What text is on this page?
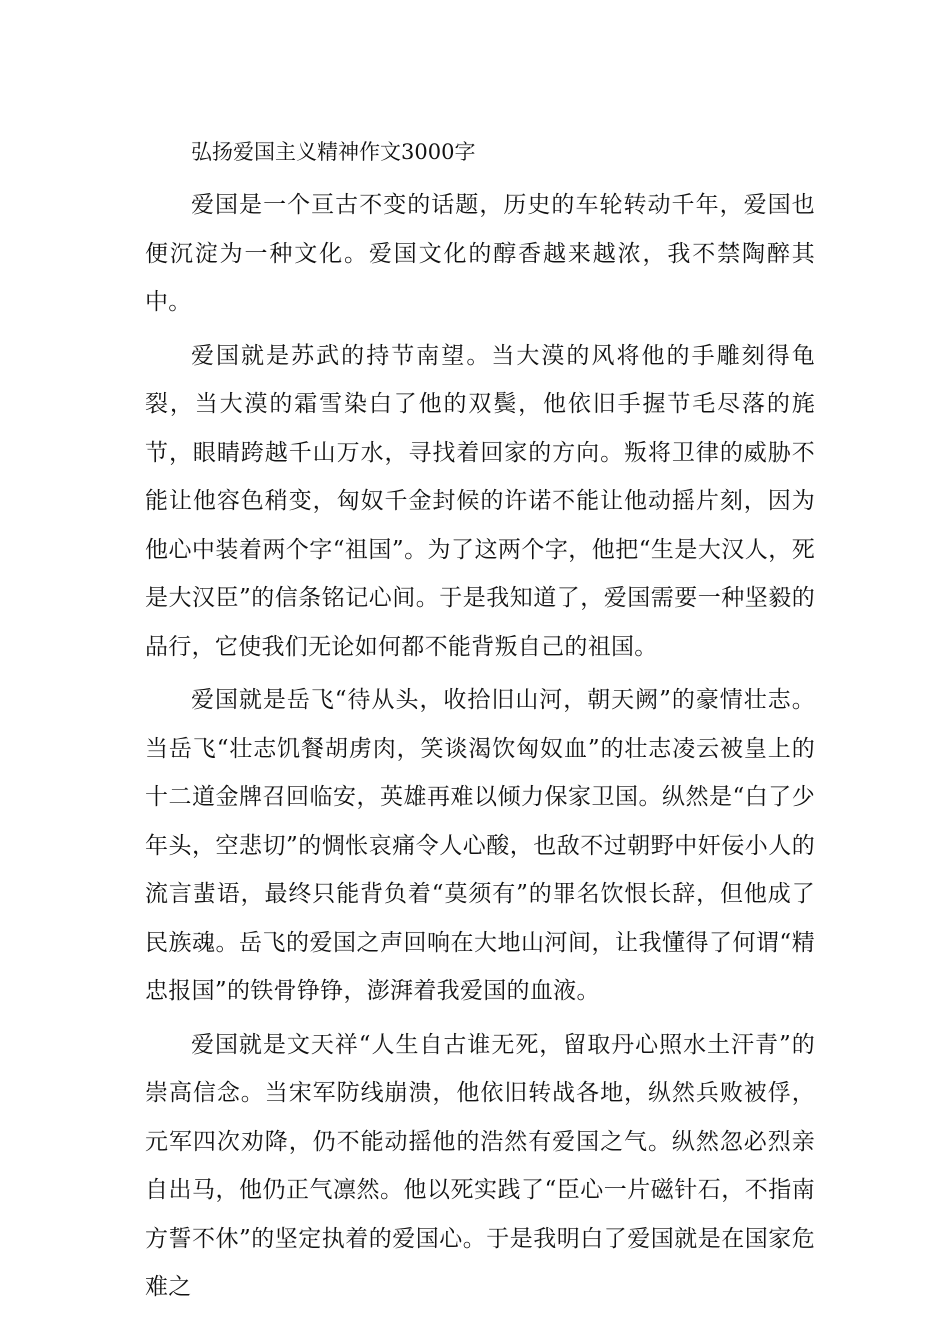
弘扬爱国主义精神作文3000字

爱国是一个亘古不变的话题，历史的车轮转动千年，爱国也便沉淀为一种文化。爱国文化的醇香越来越浓，我不禁陶醉其中。

爱国就是苏武的持节南望。当大漠的风将他的手雕刻得龟裂，当大漠的霜雪染白了他的双鬓，他依旧手握节毛尽落的旄节，眼睛跨越千山万水，寻找着回家的方向。叛将卫律的威胁不能让他容色稍变，匈奴千金封候的许诺不能让他动摇片刻，因为他心中装着两个字“祖国”。为了这两个字，他把“生是大汉人，死是大汉臣”的信条铭记心间。于是我知道了，爱国需要一种坚毅的品行，它使我们无论如何都不能背叛自己的祖国。

爱国就是岳飞“待从头，收拾旧山河，朝天阙”的豪情壮志。当岳飞“壮志饥餐胡虏肉，笑谈渴饮匈奴血”的壮志凌云被皇上的十二道金牌召回临安，英雄再难以倾力保家卫国。纵然是“白了少年头，空悲切”的惆怅哀痛令人心酸，也敌不过朝野中奸佞小人的流言蜚语，最终只能背负着“莫须有”的罪名饮恨长辞，但他成了民族魂。岳飞的爱国之声回响在大地山河间，让我懂得了何谓“精忠报国”的铁骨铮铮，澎湃着我爱国的血液。

爱国就是文天祥“人生自古谁无死，留取丹心照水土汗青”的崇高信念。当宋军防线崩溃，他依旧转战各地，纵然兵败被俘，元军四次劝降，仍不能动摇他的浩然有爱国之气。纵然忽必烈亲自出马，他仍正气凛然。他以死实践了“臣心一片磁针石，不指南方誓不休”的坚定执着的爱国心。于是我明白了爱国就是在国家危难之
